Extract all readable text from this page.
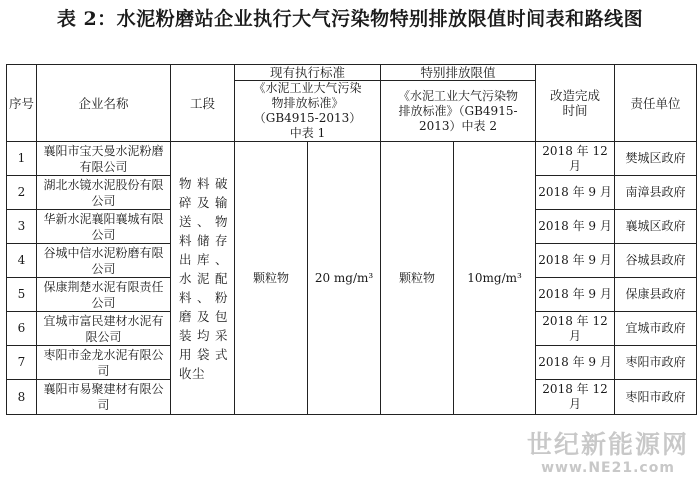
表 2：水泥粉磨站企业执行大气污染物特别排放限值时间表和路线图
序号	企业名称	工段	现有执行标准		特别排放限值		改造完成时间	责任单位
			《水泥工业大气污染物排放标准》（GB4915-2013）中表 1		《水泥工业大气污染物排放标准》（GB4915-2013）中表 2			
1	襄阳市宝天曼水泥粉磨有限公司	物料破碎及输送、物料储存出库、水泥配料、粉磨及包装均采用袋式收尘	颗粒物	20 mg/m³	颗粒物	10mg/m³	2018 年 12 月	樊城区政府
2	湖北水镜水泥股份有限公司						2018 年 9 月	南漳县政府
3	华新水泥襄阳襄城有限公司						2018 年 9 月	襄城区政府
4	谷城中信水泥粉磨有限公司						2018 年 9 月	谷城县政府
5	保康荆楚水泥有限责任公司						2018 年 9 月	保康县政府
6	宜城市富民建材水泥有限公司						2018 年 12 月	宜城市政府
7	枣阳市金龙水泥有限公司						2018 年 9 月	枣阳市政府
8	襄阳市易聚建材有限公司						2018 年 12 月	枣阳市政府
世纪新能源网
www.NE21.com
